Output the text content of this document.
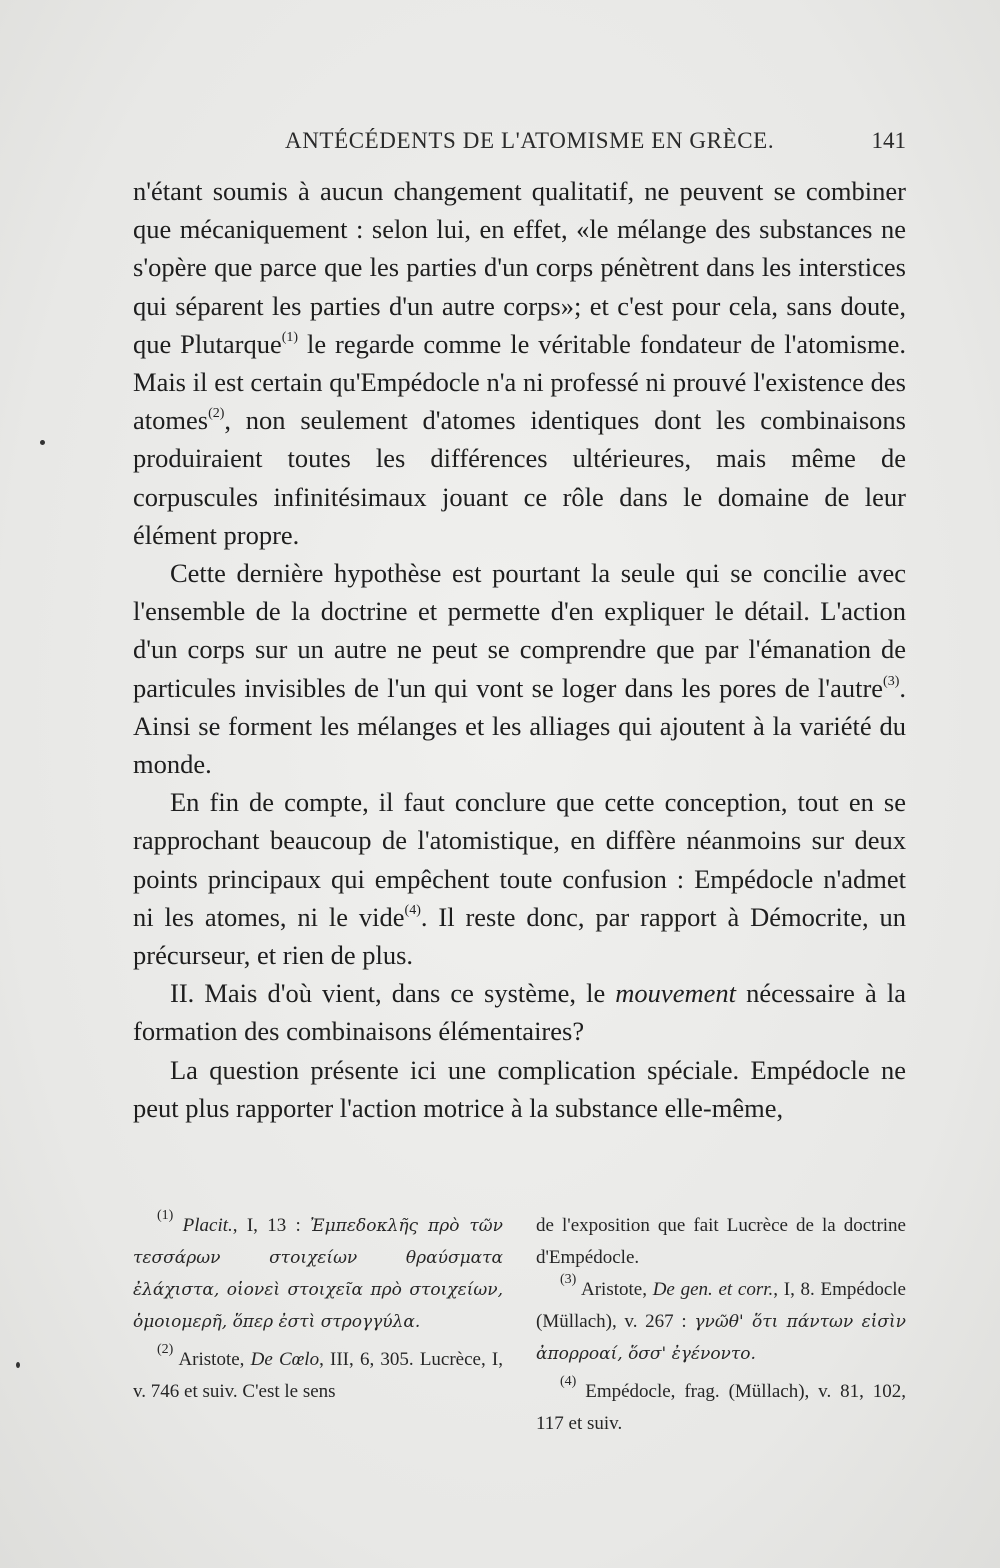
ANTÉCÉDENTS DE L'ATOMISME EN GRÈCE.	141

n'étant soumis à aucun changement qualitatif, ne peuvent se combiner que mécaniquement : selon lui, en effet, «le mélange des substances ne s'opère que parce que les parties d'un corps pénètrent dans les interstices qui séparent les parties d'un autre corps»; et c'est pour cela, sans doute, que Plutarque$^{(1)}$ le regarde comme le véritable fondateur de l'atomisme. Mais il est certain qu'Empédocle n'a ni professé ni prouvé l'existence des atomes$^{(2)}$, non seulement d'atomes identiques dont les combinaisons produiraient toutes les différences ultérieures, mais même de corpuscules infinitésimaux jouant ce rôle dans le domaine de leur élément propre.

Cette dernière hypothèse est pourtant la seule qui se concilie avec l'ensemble de la doctrine et permette d'en expliquer le détail. L'action d'un corps sur un autre ne peut se comprendre que par l'émanation de particules invisibles de l'un qui vont se loger dans les pores de l'autre$^{(3)}$. Ainsi se forment les mélanges et les alliages qui ajoutent à la variété du monde.

En fin de compte, il faut conclure que cette conception, tout en se rapprochant beaucoup de l'atomistique, en diffère néanmoins sur deux points principaux qui empêchent toute confusion : Empédocle n'admet ni les atomes, ni le vide$^{(4)}$. Il reste donc, par rapport à Démocrite, un précurseur, et rien de plus.

II. Mais d'où vient, dans ce système, le mouvement nécessaire à la formation des combinaisons élémentaires?

La question présente ici une complication spéciale. Empédocle ne peut plus rapporter l'action motrice à la substance elle-même,

$^{(1)}$ Placit., I, 13 : Ἐμπεδοκλῆς πρὸ τῶν τεσσάρων στοιχείων θραύσματα ἐλάχιστα, οἱονεὶ στοιχεῖα πρὸ στοιχείων, ὁμοιομερῆ, ὅπερ ἐστὶ στρογγύλα.

$^{(2)}$ Aristote, De Cœlo, III, 6, 305. Lucrèce, I, v. 746 et suiv. C'est le sens

de l'exposition que fait Lucrèce de la doctrine d'Empédocle.

$^{(3)}$ Aristote, De gen. et corr., I, 8. Empédocle (Müllach), v. 267 : γνῶθ' ὅτι πάντων εἰσὶν ἀπορροαί, ὅσσ' ἐγένοντο.

$^{(4)}$ Empédocle, frag. (Müllach), v. 81, 102, 117 et suiv.
